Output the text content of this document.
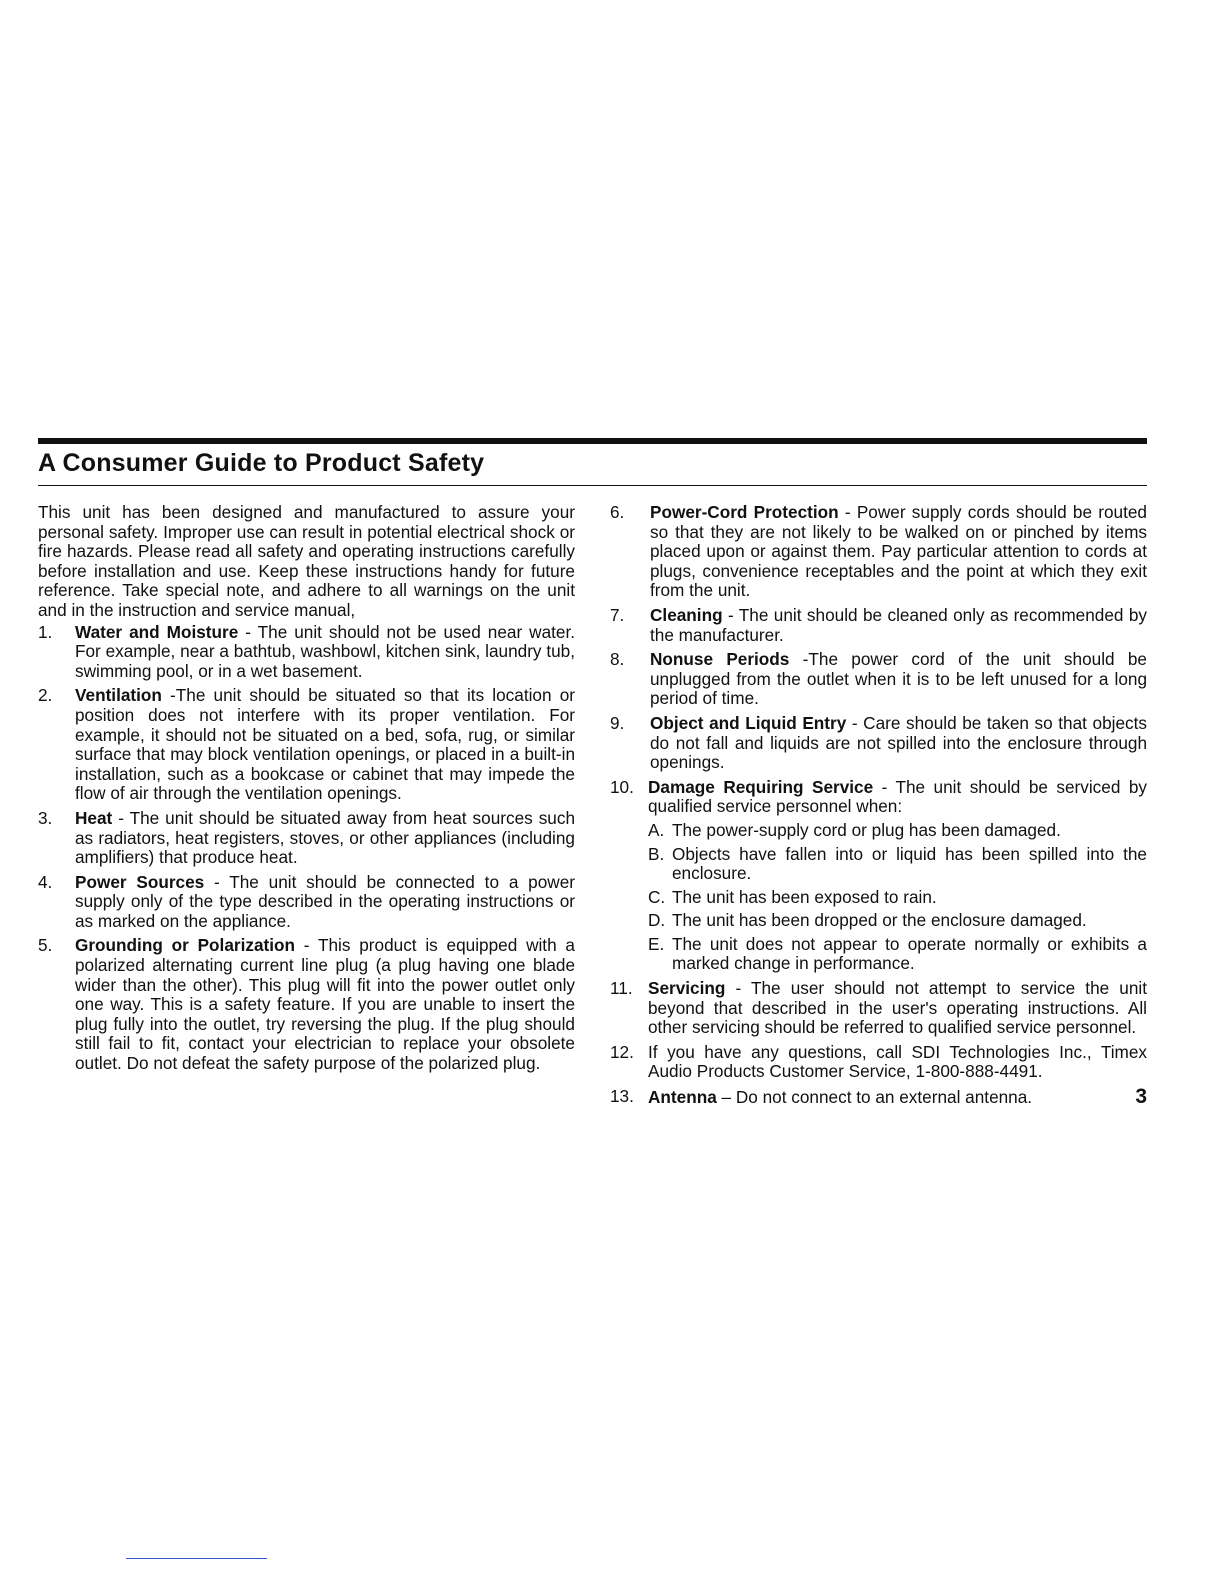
A Consumer Guide to Product Safety

This unit has been designed and manufactured to assure your personal safety. Improper use can result in potential electrical shock or fire hazards. Please read all safety and operating instructions carefully before installation and use. Keep these instructions handy for future reference. Take special note, and adhere to all warnings on the unit and in the instruction and service manual,

1. Water and Moisture - The unit should not be used near water. For example, near a bathtub, washbowl, kitchen sink, laundry tub, swimming pool, or in a wet basement.
2. Ventilation -The unit should be situated so that its location or position does not interfere with its proper ventilation. For example, it should not be situated on a bed, sofa, rug, or similar surface that may block ventilation openings, or placed in a built-in installation, such as a bookcase or cabinet that may impede the flow of air through the ventilation openings.
3. Heat - The unit should be situated away from heat sources such as radiators, heat registers, stoves, or other appliances (including amplifiers) that produce heat.
4. Power Sources - The unit should be connected to a power supply only of the type described in the operating instructions or as marked on the appliance.
5. Grounding or Polarization - This product is equipped with a polarized alternating current line plug (a plug having one blade wider than the other). This plug will fit into the power outlet only one way. This is a safety feature. If you are unable to insert the plug fully into the outlet, try reversing the plug. If the plug should still fail to fit, contact your electrician to replace your obsolete outlet. Do not defeat the safety purpose of the polarized plug.
6. Power-Cord Protection - Power supply cords should be routed so that they are not likely to be walked on or pinched by items placed upon or against them. Pay particular attention to cords at plugs, convenience receptables and the point at which they exit from the unit.
7. Cleaning - The unit should be cleaned only as recommended by the manufacturer.
8. Nonuse Periods -The power cord of the unit should be unplugged from the outlet when it is to be left unused for a long period of time.
9. Object and Liquid Entry - Care should be taken so that objects do not fall and liquids are not spilled into the enclosure through openings.
10. Damage Requiring Service - The unit should be serviced by qualified service personnel when:
A. The power-supply cord or plug has been damaged.
B. Objects have fallen into or liquid has been spilled into the enclosure.
C. The unit has been exposed to rain.
D. The unit has been dropped or the enclosure damaged.
E. The unit does not appear to operate normally or exhibits a marked change in performance.
11. Servicing - The user should not attempt to service the unit beyond that described in the user's operating instructions. All other servicing should be referred to qualified service personnel.
12. If you have any questions, call SDI Technologies Inc., Timex Audio Products Customer Service, 1-800-888-4491.
13. Antenna – Do not connect to an external antenna.	3
